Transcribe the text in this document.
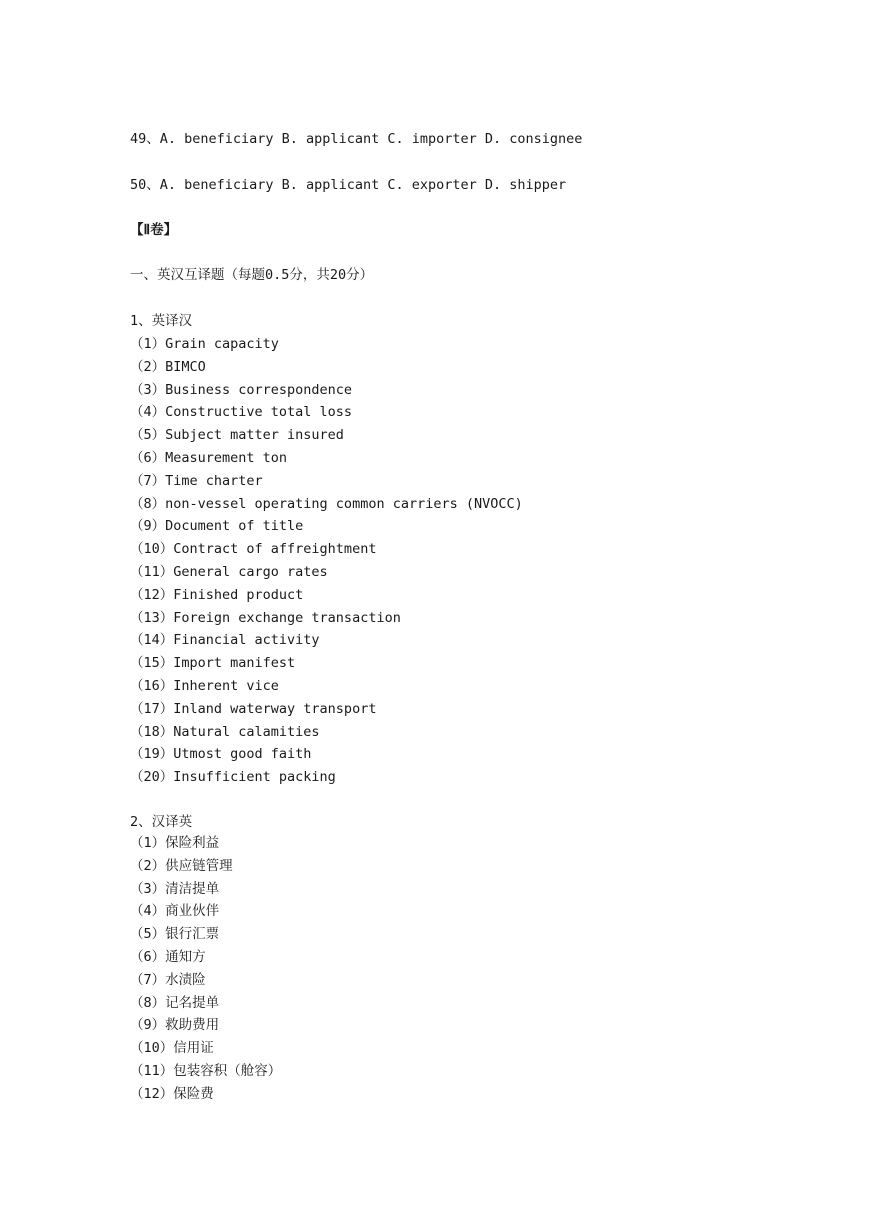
49、A. beneficiary B. applicant C. importer D. consignee
50、A. beneficiary B. applicant C. exporter D. shipper
【Ⅱ卷】
一、英汉互译题（每题0.5分，共20分）
1、英译汉
（1）Grain capacity
（2）BIMCO
（3）Business correspondence
（4）Constructive total loss
（5）Subject matter insured
（6）Measurement ton
（7）Time charter
（8）non-vessel operating common carriers (NVOCC)
（9）Document of title
（10）Contract of affreightment
（11）General cargo rates
（12）Finished product
（13）Foreign exchange transaction
（14）Financial activity
（15）Import manifest
（16）Inherent vice
（17）Inland waterway transport
（18）Natural calamities
（19）Utmost good faith
（20）Insufficient packing
2、汉译英
（1）保险利益
（2）供应链管理
（3）清洁提单
（4）商业伙伴
（5）银行汇票
（6）通知方
（7）水渍险
（8）记名提单
（9）救助费用
（10）信用证
（11）包装容积（舱容）
（12）保险费
